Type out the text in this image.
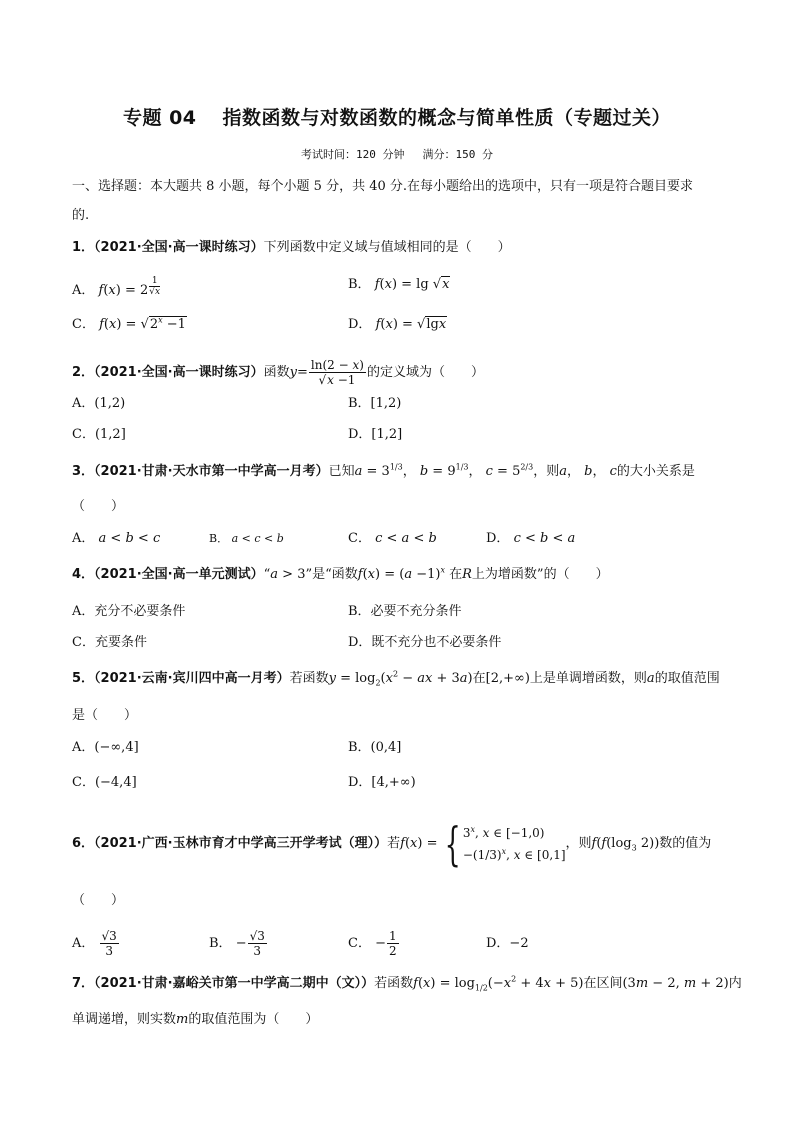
专题 04 指数函数与对数函数的概念与简单性质（专题过关）
考试时间：120 分钟 满分：150 分
一、选择题：本大题共 8 小题，每个小题 5 分，共 40 分.在每小题给出的选项中，只有一项是符合题目要求
的.
1．（2021·全国·高一课时练习）下列函数中定义域与值域相同的是（　　）
A． f(x) = 2 $^{\frac{1}{√x}}$	B． f(x) = lg √x
C． $f(x) = √2^x -1$	D． f(x) = √lgx
2．（2021·全国·高一课时练习）函数$y= \frac{\ln(2 - x)}{√x -1}$ 的定义域为（　　）
A．(1,2)	B．[1,2)
C．(1,2]	D．[1,2]
3．（2021·甘肃·天水市第一中学高一月考）已知$a = 3^{1/3}$， $b = 9^{1/3}$， $c = 5^{2/3}$，则a， b， c的大小关系是
（　　）
A． a < b < c	B． a < c < b	C． c < a < b	D． c < b < a
4．（2021·全国·高一单元测试）“a > 3”是“函数$f(x) = (a -1)^x$ 在R上为增函数”的（　　）
A．充分不必要条件	B．必要不充分条件
C．充要条件	D．既不充分也不必要条件
5．（2021·云南·宾川四中高一月考）若函数$y = \log_2(x^2$ − ax + 3a)在[2,+∞)上是单调增函数，则a的取值范围
是（　　）
A．(−∞,4]	B．(0,4]
C．(−4,4]	D．[4,+∞)
6．（2021·广西·玉林市育才中学高三开学考试（理））若f(x) = { 3$^x$, x ∈ [−1,0)
$-(1/3)^x$, x ∈ [0,1]
，则$f(f(\log_3$ 2))数的值为
（　　）
A． $\frac{√3}{3}$	B． − $\frac{√3}{3}$	C． − $\frac{1}{2}$	D．−2
7．（2021·甘肃·嘉峪关市第一中学高二期中（文））若函数$f(x) = \log_{1/2}(-x^2 + 4x + 5)$在区间(3m − 2, m + 2)内
单调递增，则实数m的取值范围为（　　）
